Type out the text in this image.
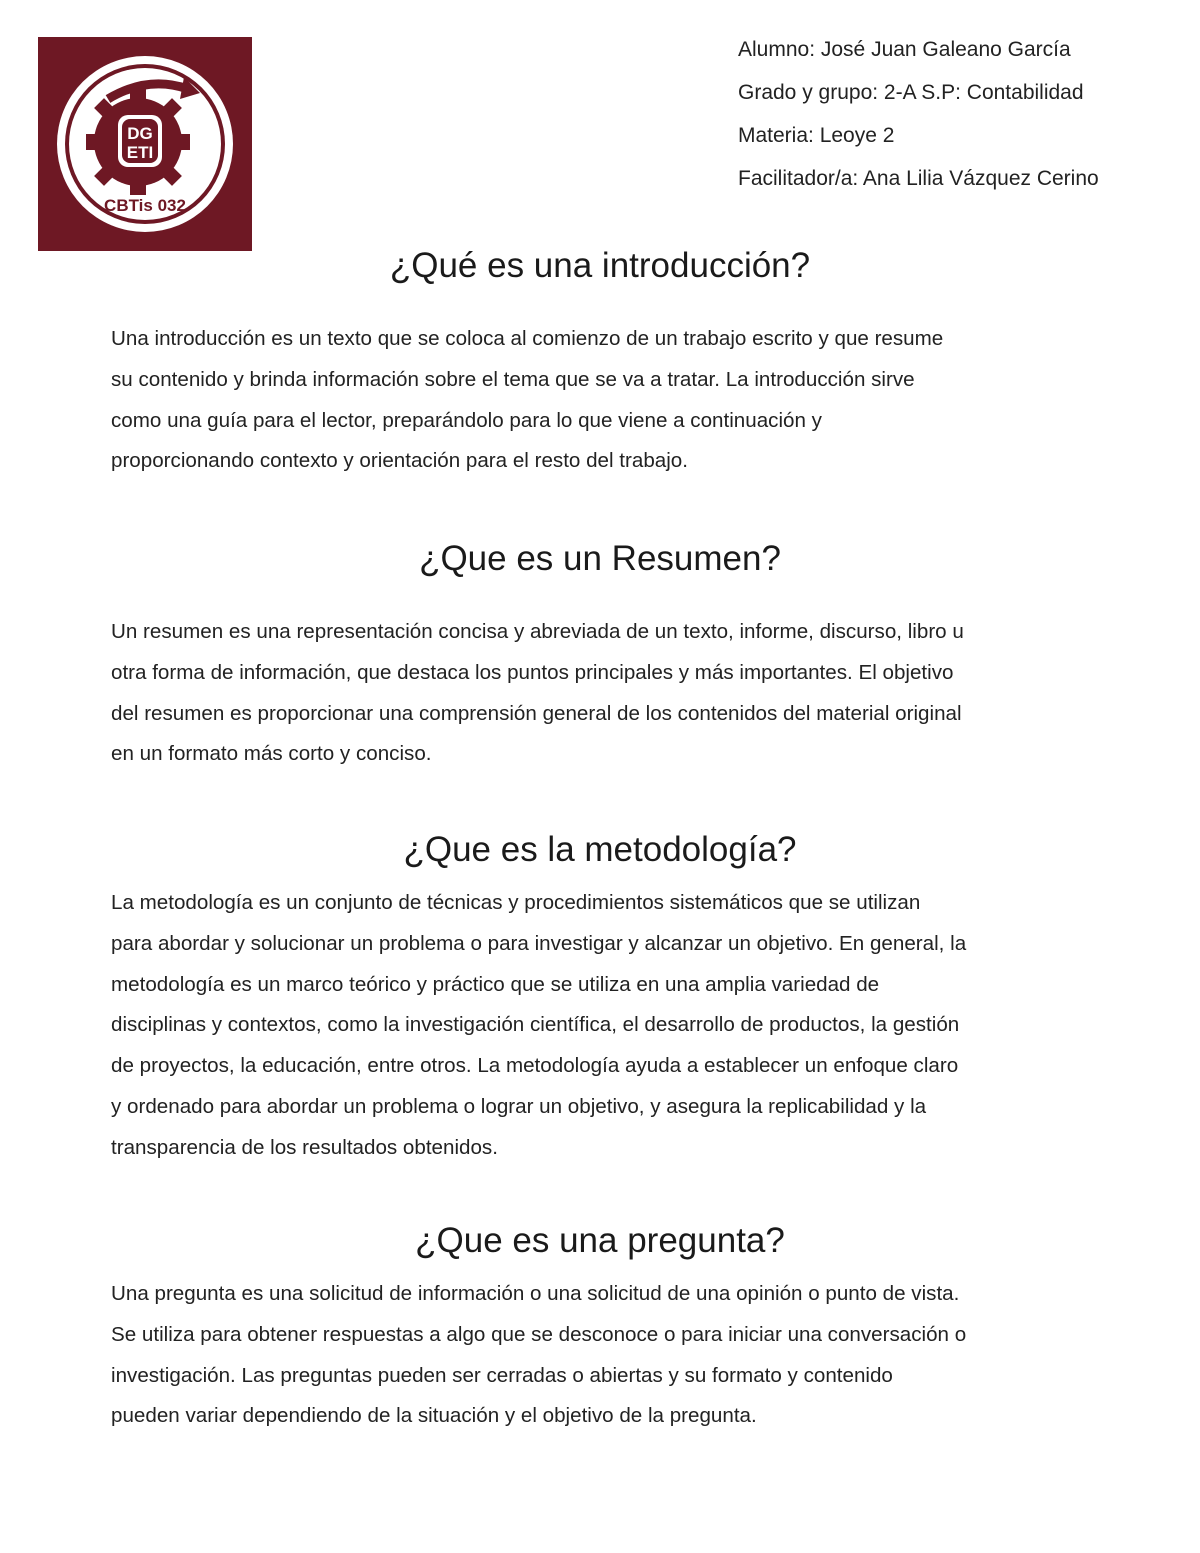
DG
ETI
CBTis 032
Alumno: José Juan Galeano García
Grado y grupo: 2-A S.P: Contabilidad
Materia: Leoye 2
Facilitador/a: Ana Lilia Vázquez Cerino
¿Qué es una introducción?
Una introducción es un texto que se coloca al comienzo de un trabajo escrito y que resume
su contenido y brinda información sobre el tema que se va a tratar. La introducción sirve
como una guía para el lector, preparándolo para lo que viene a continuación y
proporcionando contexto y orientación para el resto del trabajo.
¿Que es un Resumen?
Un resumen es una representación concisa y abreviada de un texto, informe, discurso, libro u
otra forma de información, que destaca los puntos principales y más importantes. El objetivo
del resumen es proporcionar una comprensión general de los contenidos del material original
en un formato más corto y conciso.
¿Que es la metodología?
La metodología es un conjunto de técnicas y procedimientos sistemáticos que se utilizan
para abordar y solucionar un problema o para investigar y alcanzar un objetivo. En general, la
metodología es un marco teórico y práctico que se utiliza en una amplia variedad de
disciplinas y contextos, como la investigación científica, el desarrollo de productos, la gestión
de proyectos, la educación, entre otros. La metodología ayuda a establecer un enfoque claro
y ordenado para abordar un problema o lograr un objetivo, y asegura la replicabilidad y la
transparencia de los resultados obtenidos.
¿Que es una pregunta?
Una pregunta es una solicitud de información o una solicitud de una opinión o punto de vista.
Se utiliza para obtener respuestas a algo que se desconoce o para iniciar una conversación o
investigación. Las preguntas pueden ser cerradas o abiertas y su formato y contenido
pueden variar dependiendo de la situación y el objetivo de la pregunta.
